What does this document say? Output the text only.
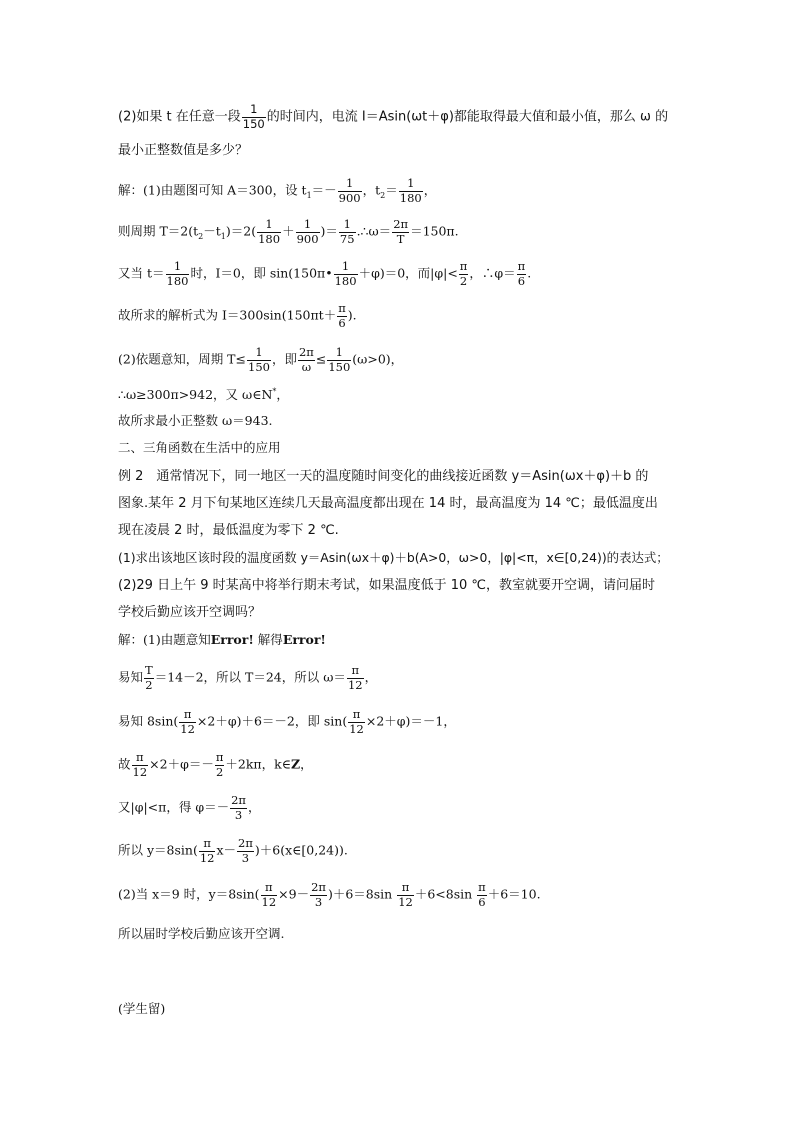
(2)如果 t 在任意一段 $\frac{1}{150}$ 的时间内，电流 I＝Asin(ωt＋φ)都能取得最大值和最小值，那么 ω 的
最小正整数值是多少？
解：(1)由题图可知 A＝300，设 $t_1=- \frac{1}{900}$ ，$t_2= \frac{1}{180}$ ，
则周期 $T=2(t_2-t_1)=2( \frac{1}{180} + \frac{1}{900}$ )＝ $\frac{1}{75}$ .∴ω＝ $\frac{2\pi}{T} =150\pi$.
又当 $t= \frac{1}{180}$ 时，I＝0，即 sin(150π• $\frac{1}{180} +\varphi)=0$，而$|\varphi|< \frac{\pi}{2}$ ，∴φ＝ $\frac{\pi}{6}$ .
故所求的解析式为 $I=300\sin(150\pi t+ \frac{\pi}{6}$ ).
(2)依题意知，周期 $T\le \frac{1}{150}$ ，即 $\frac{2\pi}{\omega} \le \frac{1}{150} (\omega>0)$，
∴ω≥300π>942，又 ω∈N*，
故所求最小正整数 ω＝943.
二、三角函数在生活中的应用
例 2　通常情况下，同一地区一天的温度随时间变化的曲线接近函数 y＝Asin(ωx＋φ)＋b 的
图象.某年 2 月下旬某地区连续几天最高温度都出现在 14 时，最高温度为 14 ℃；最低温度出
现在凌晨 2 时，最低温度为零下 2 ℃.
(1)求出该地区该时段的温度函数 y＝Asin(ωx＋φ)＋b(A>0，ω>0，|φ|<π，x∈[0,24))的表达式；
(2)29 日上午 9 时某高中将举行期末考试，如果温度低于 10 ℃，教室就要开空调，请问届时
学校后勤应该开空调吗？
解：(1)由题意知Error! 解得Error!
易知 $\frac{T}{2} =14-2$，所以 T＝24，所以 $\omega= \frac{\pi}{12}$ ，
易知 $8\sin( \frac{\pi}{12} \times 2+\varphi)+6=-2$，即 $\sin( \frac{\pi}{12} \times 2+\varphi)=-1$，
故 $\frac{\pi}{12} \times 2+\varphi=- \frac{\pi}{2} +2k\pi$，k∈Z，
又|φ|<π，得 $\varphi=- \frac{2\pi}{3}$ ，
所以 $y=8\sin( \frac{\pi}{12} x- \frac{2\pi}{3}$ )＋6(x∈[0,24)).
(2)当 x＝9 时，$y=8\sin( \frac{\pi}{12} \times 9- \frac{2\pi}{3} )+6=8\sin \frac{\pi}{12} +6<8\sin \frac{\pi}{6} +6=10$.
所以届时学校后勤应该开空调.
(学生留)
